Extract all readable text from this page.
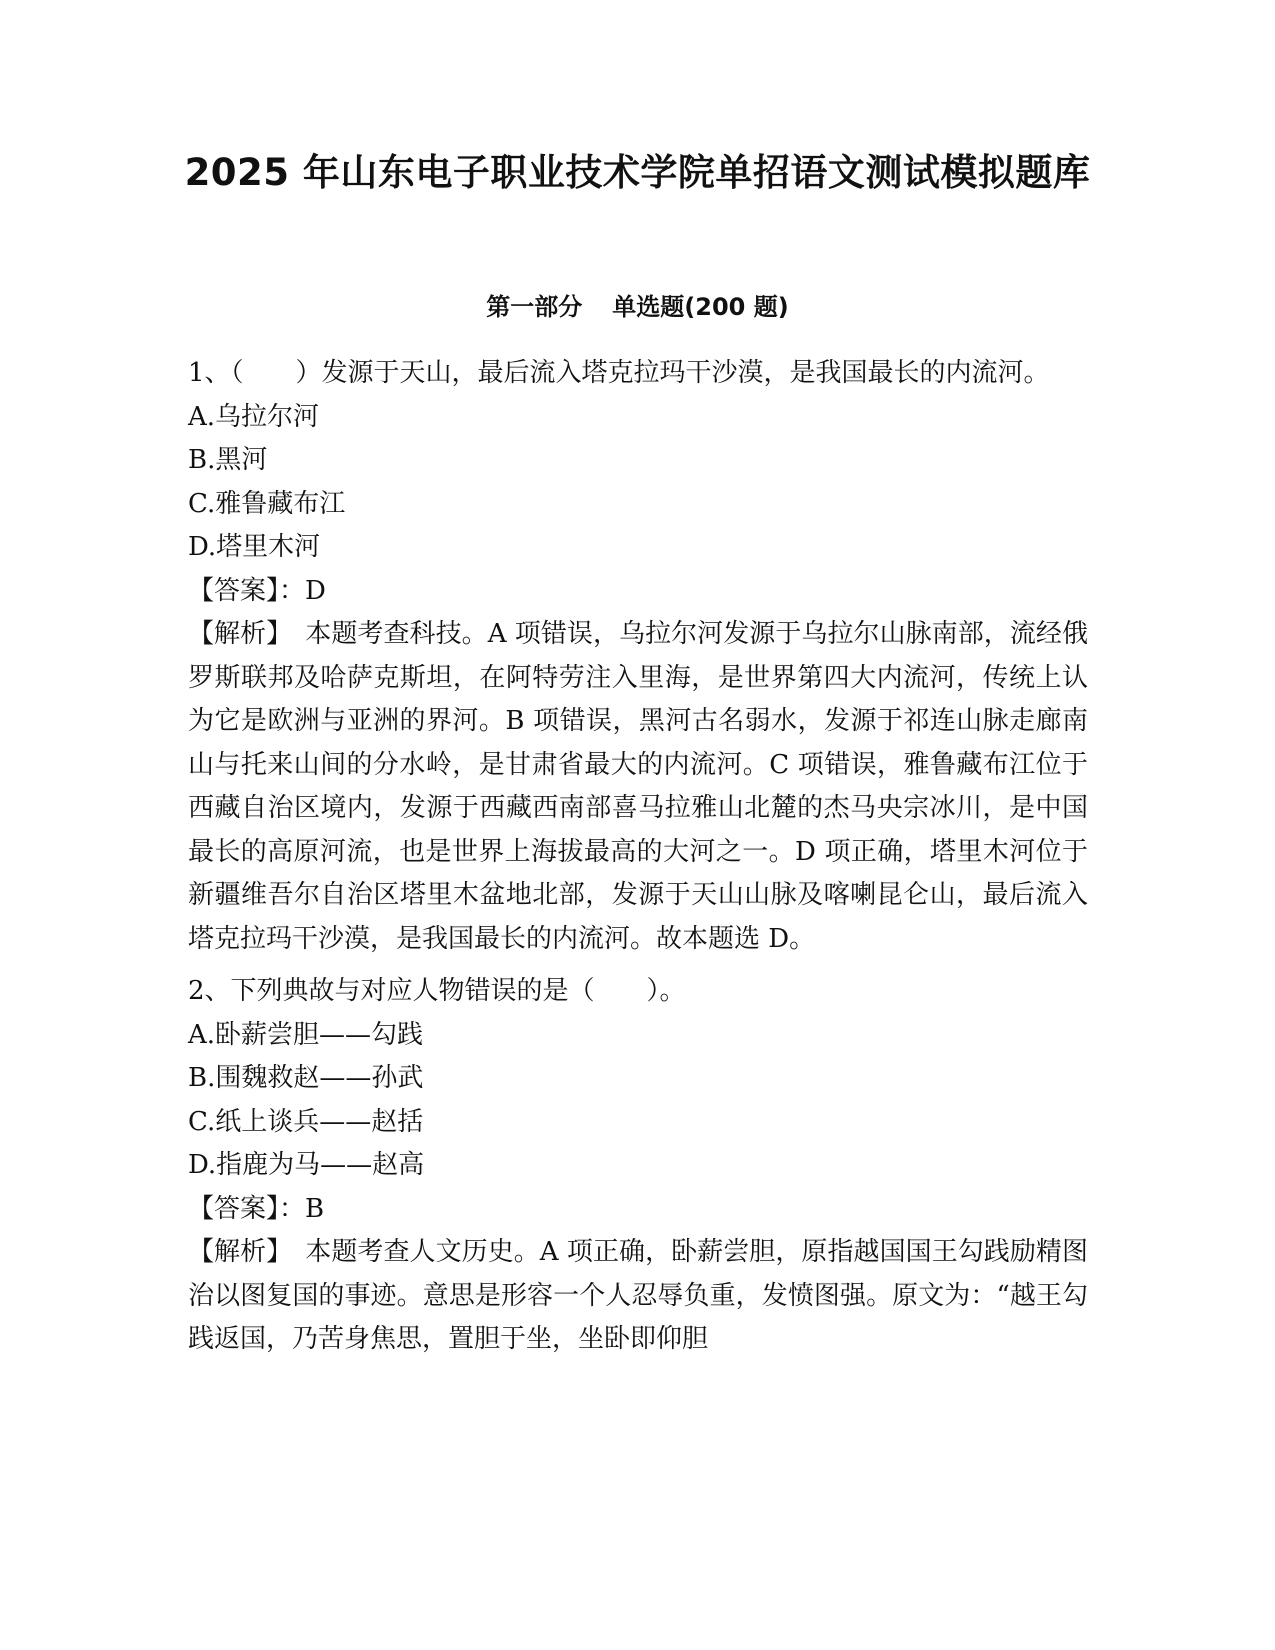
2025 年山东电子职业技术学院单招语文测试模拟题库
第一部分 单选题(200 题)
1、（　　）发源于天山，最后流入塔克拉玛干沙漠，是我国最长的内流河。
A.乌拉尔河
B.黑河
C.雅鲁藏布江
D.塔里木河
【答案】：D
【解析】 本题考查科技。A 项错误，乌拉尔河发源于乌拉尔山脉南部，流经俄罗斯联邦及哈萨克斯坦，在阿特劳注入里海，是世界第四大内流河，传统上认为它是欧洲与亚洲的界河。B 项错误，黑河古名弱水，发源于祁连山脉走廊南山与托来山间的分水岭，是甘肃省最大的内流河。C 项错误，雅鲁藏布江位于西藏自治区境内，发源于西藏西南部喜马拉雅山北麓的杰马央宗冰川，是中国最长的高原河流，也是世界上海拔最高的大河之一。D 项正确，塔里木河位于新疆维吾尔自治区塔里木盆地北部，发源于天山山脉及喀喇昆仑山，最后流入塔克拉玛干沙漠，是我国最长的内流河。故本题选 D。
2、下列典故与对应人物错误的是（　　）。
A.卧薪尝胆——勾践
B.围魏救赵——孙武
C.纸上谈兵——赵括
D.指鹿为马——赵高
【答案】：B
【解析】 本题考查人文历史。A 项正确，卧薪尝胆，原指越国国王勾践励精图治以图复国的事迹。意思是形容一个人忍辱负重，发愤图强。原文为：“越王勾践返国，乃苦身焦思，置胆于坐，坐卧即仰胆
